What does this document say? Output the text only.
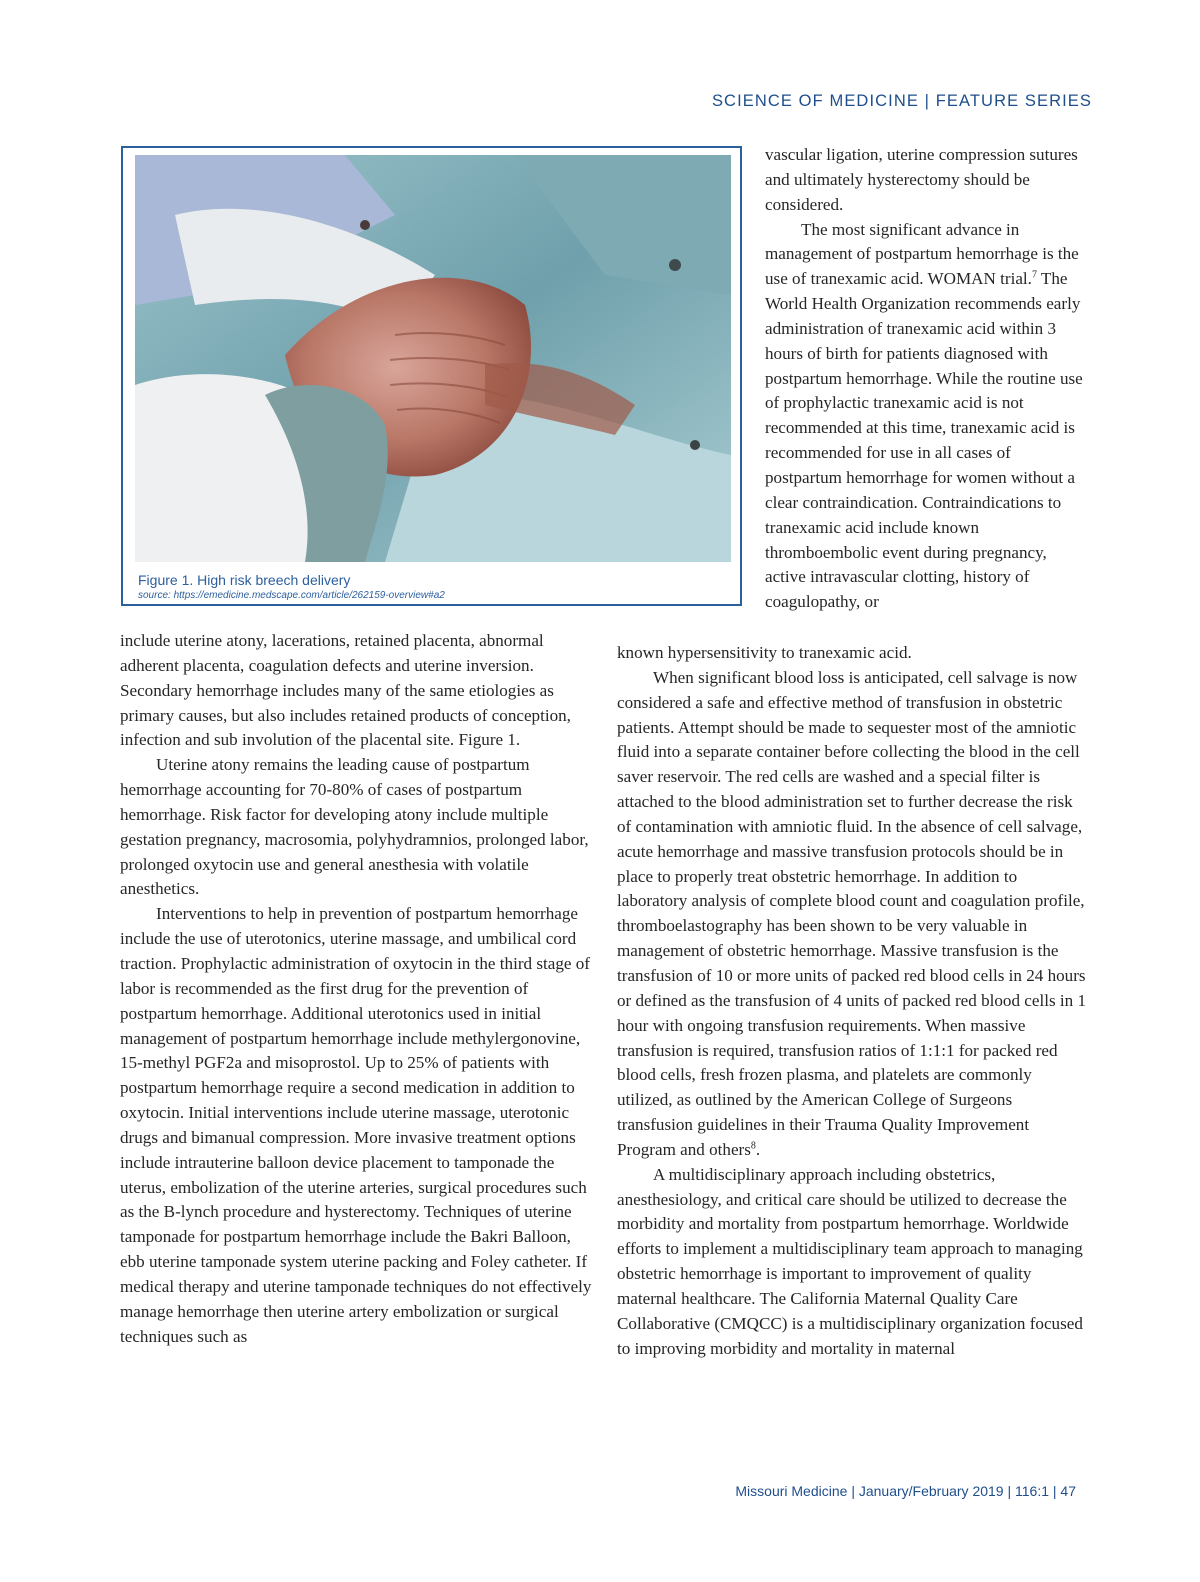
SCIENCE OF MEDICINE | FEATURE SERIES
Figure 1. High risk breech delivery
source: https://emedicine.medscape.com/article/262159-overview#a2

include uterine atony, lacerations, retained placenta, abnormal adherent placenta, coagulation defects and uterine inversion. Secondary hemorrhage includes many of the same etiologies as primary causes, but also includes retained products of conception, infection and sub involution of the placental site. Figure 1.

Uterine atony remains the leading cause of postpartum hemorrhage accounting for 70-80% of cases of postpartum hemorrhage. Risk factor for developing atony include multiple gestation pregnancy, macrosomia, polyhydramnios, prolonged labor, prolonged oxytocin use and general anesthesia with volatile anesthetics.

Interventions to help in prevention of postpartum hemorrhage include the use of uterotonics, uterine massage, and umbilical cord traction. Prophylactic administration of oxytocin in the third stage of labor is recommended as the first drug for the prevention of postpartum hemorrhage. Additional uterotonics used in initial management of postpartum hemorrhage include methylergonovine, 15-methyl PGF2a and misoprostol. Up to 25% of patients with postpartum hemorrhage require a second medication in addition to oxytocin. Initial interventions include uterine massage, uterotonic drugs and bimanual compression. More invasive treatment options include intrauterine balloon device placement to tamponade the uterus, embolization of the uterine arteries, surgical procedures such as the B-lynch procedure and hysterectomy. Techniques of uterine tamponade for postpartum hemorrhage include the Bakri Balloon, ebb uterine tamponade system uterine packing and Foley catheter. If medical therapy and uterine tamponade techniques do not effectively manage hemorrhage then uterine artery embolization or surgical techniques such as

vascular ligation, uterine compression sutures and ultimately hysterectomy should be considered.

The most significant advance in management of postpartum hemorrhage is the use of tranexamic acid. WOMAN trial.$^7$ The World Health Organization recommends early administration of tranexamic acid within 3 hours of birth for patients diagnosed with postpartum hemorrhage. While the routine use of prophylactic tranexamic acid is not recommended at this time, tranexamic acid is recommended for use in all cases of postpartum hemorrhage for women without a clear contraindication. Contraindications to tranexamic acid include known thromboembolic event during pregnancy, active intravascular clotting, history of coagulopathy, or

known hypersensitivity to tranexamic acid.

When significant blood loss is anticipated, cell salvage is now considered a safe and effective method of transfusion in obstetric patients. Attempt should be made to sequester most of the amniotic fluid into a separate container before collecting the blood in the cell saver reservoir. The red cells are washed and a special filter is attached to the blood administration set to further decrease the risk of contamination with amniotic fluid. In the absence of cell salvage, acute hemorrhage and massive transfusion protocols should be in place to properly treat obstetric hemorrhage. In addition to laboratory analysis of complete blood count and coagulation profile, thromboelastography has been shown to be very valuable in management of obstetric hemorrhage. Massive transfusion is the transfusion of 10 or more units of packed red blood cells in 24 hours or defined as the transfusion of 4 units of packed red blood cells in 1 hour with ongoing transfusion requirements. When massive transfusion is required, transfusion ratios of 1:1:1 for packed red blood cells, fresh frozen plasma, and platelets are commonly utilized, as outlined by the American College of Surgeons transfusion guidelines in their Trauma Quality Improvement Program and others$^8$.

A multidisciplinary approach including obstetrics, anesthesiology, and critical care should be utilized to decrease the morbidity and mortality from postpartum hemorrhage. Worldwide efforts to implement a multidisciplinary team approach to managing obstetric hemorrhage is important to improvement of quality maternal healthcare. The California Maternal Quality Care Collaborative (CMQCC) is a multidisciplinary organization focused to improving morbidity and mortality in maternal

Missouri Medicine | January/February 2019 | 116:1 | 47
